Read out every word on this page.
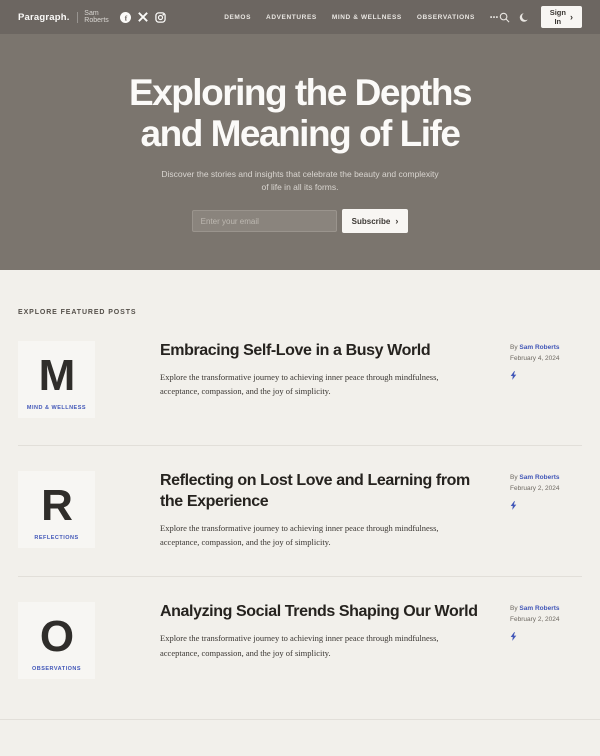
Paragraph. Sam Roberts f	DEMOS ADVENTURES MIND & WELLNESS OBSERVATIONS •••	Sign In ›
Exploring the Depths
and Meaning of Life

Discover the stories and insights that celebrate the beauty and complexity of life in all its forms.

Enter your email
Subscribe ›
EXPLORE FEATURED POSTS
M
MIND & WELLNESS
Embracing Self-Love in a Busy World

Explore the transformative journey to achieving inner peace through mindfulness, acceptance, compassion, and the joy of simplicity.

By Sam Roberts
February 4, 2024
R
REFLECTIONS
Reflecting on Lost Love and Learning from the Experience

Explore the transformative journey to achieving inner peace through mindfulness, acceptance, compassion, and the joy of simplicity.

By Sam Roberts
February 2, 2024
O
OBSERVATIONS
Analyzing Social Trends Shaping Our World

Explore the transformative journey to achieving inner peace through mindfulness, acceptance, compassion, and the joy of simplicity.

By Sam Roberts
February 2, 2024
